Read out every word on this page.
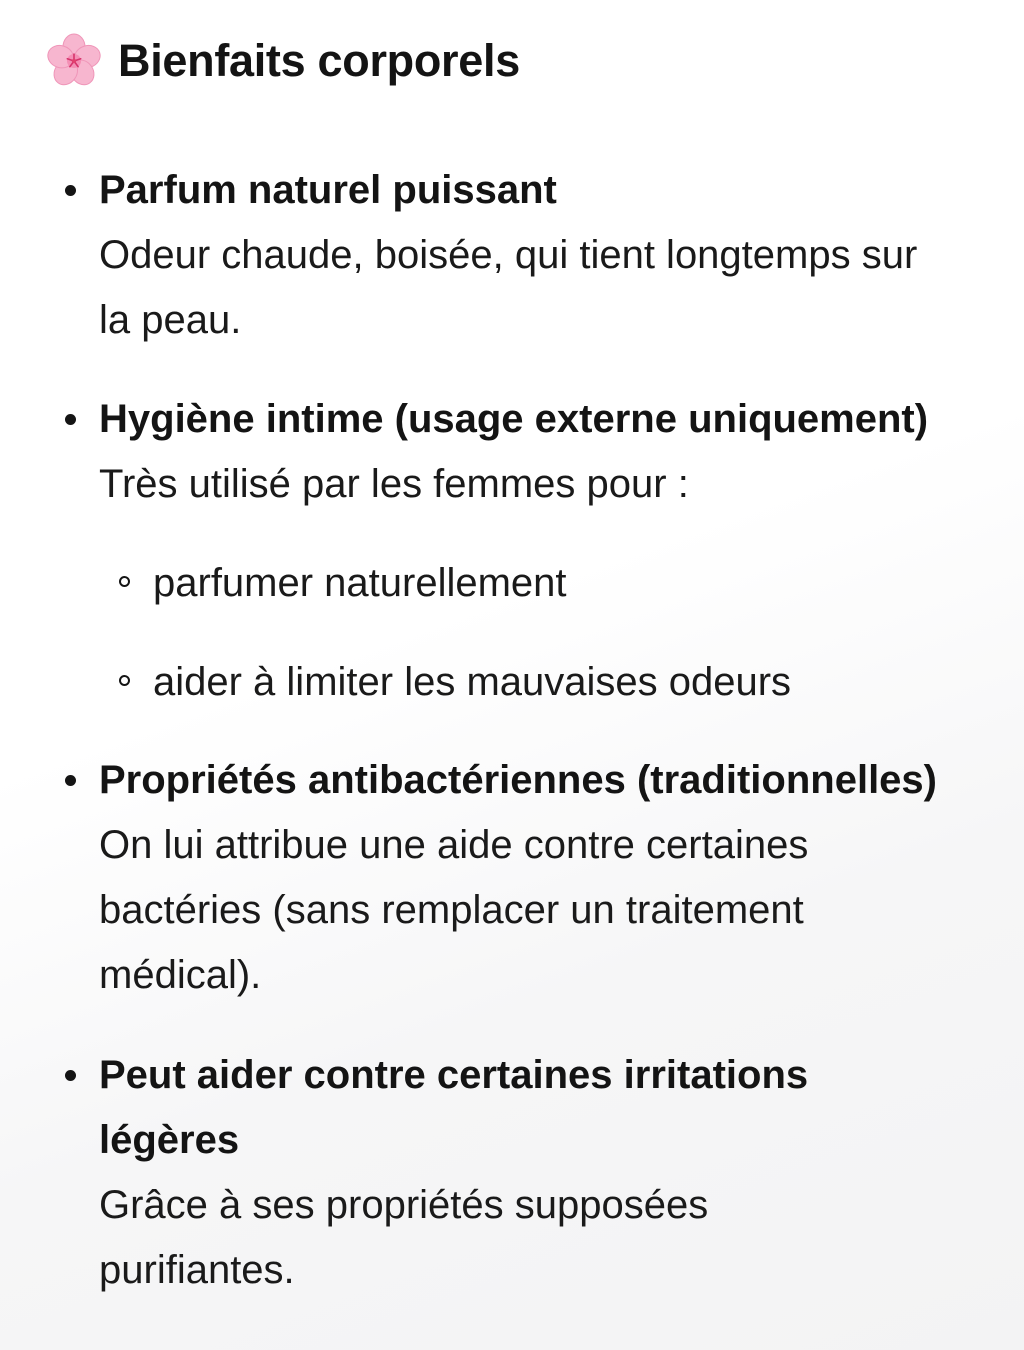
Bienfaits corporels
Parfum naturel puissant
Odeur chaude, boisée, qui tient longtemps sur la peau.
Hygiène intime (usage externe uniquement)
Très utilisé par les femmes pour :
parfumer naturellement
aider à limiter les mauvaises odeurs
Propriétés antibactériennes (traditionnelles)
On lui attribue une aide contre certaines bactéries (sans remplacer un traitement médical).
Peut aider contre certaines irritations légères
Grâce à ses propriétés supposées purifiantes.
